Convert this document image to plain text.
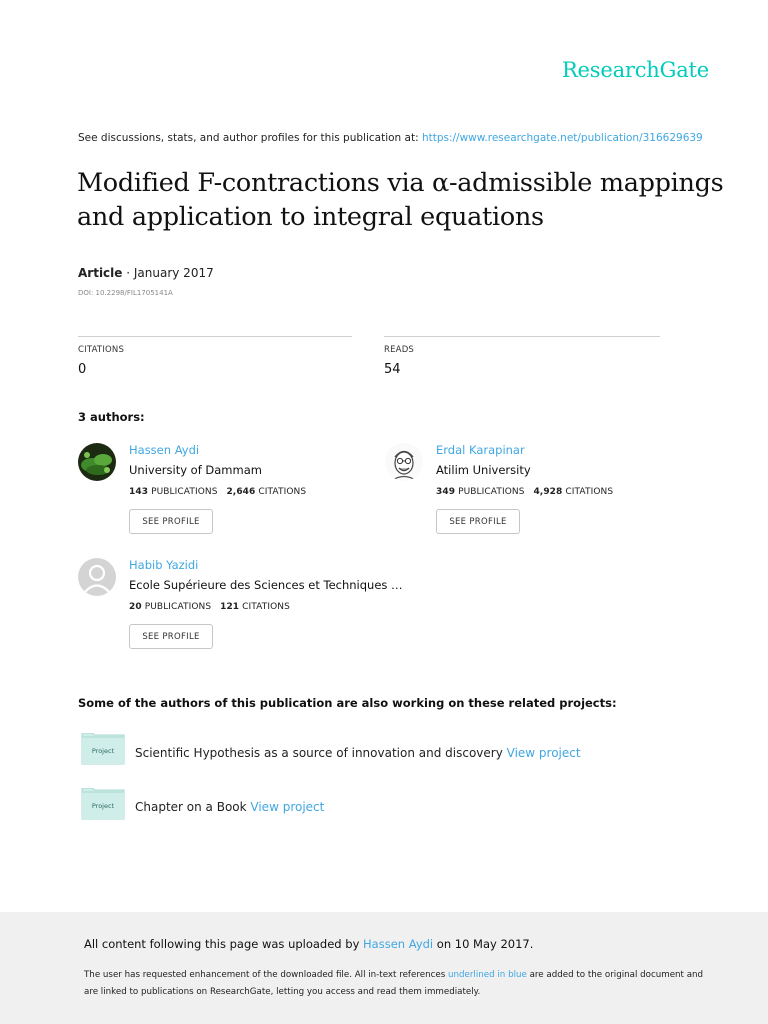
ResearchGate
See discussions, stats, and author profiles for this publication at: https://www.researchgate.net/publication/316629639
Modified F-contractions via α-admissible mappings and application to integral equations
Article · January 2017
DOI: 10.2298/FIL1705141A
CITATIONS
0
READS
54
3 authors:
Hassen Aydi
University of Dammam
143 PUBLICATIONS 2,646 CITATIONS
SEE PROFILE
Erdal Karapinar
Atilim University
349 PUBLICATIONS 4,928 CITATIONS
SEE PROFILE
Habib Yazidi
Ecole Supérieure des Sciences et Techniques …
20 PUBLICATIONS 121 CITATIONS
SEE PROFILE
Some of the authors of this publication are also working on these related projects:
Project	Scientific Hypothesis as a source of innovation and discovery View project
Project	Chapter on a Book View project
All content following this page was uploaded by Hassen Aydi on 10 May 2017.
The user has requested enhancement of the downloaded file. All in-text references underlined in blue are added to the original document and are linked to publications on ResearchGate, letting you access and read them immediately.
